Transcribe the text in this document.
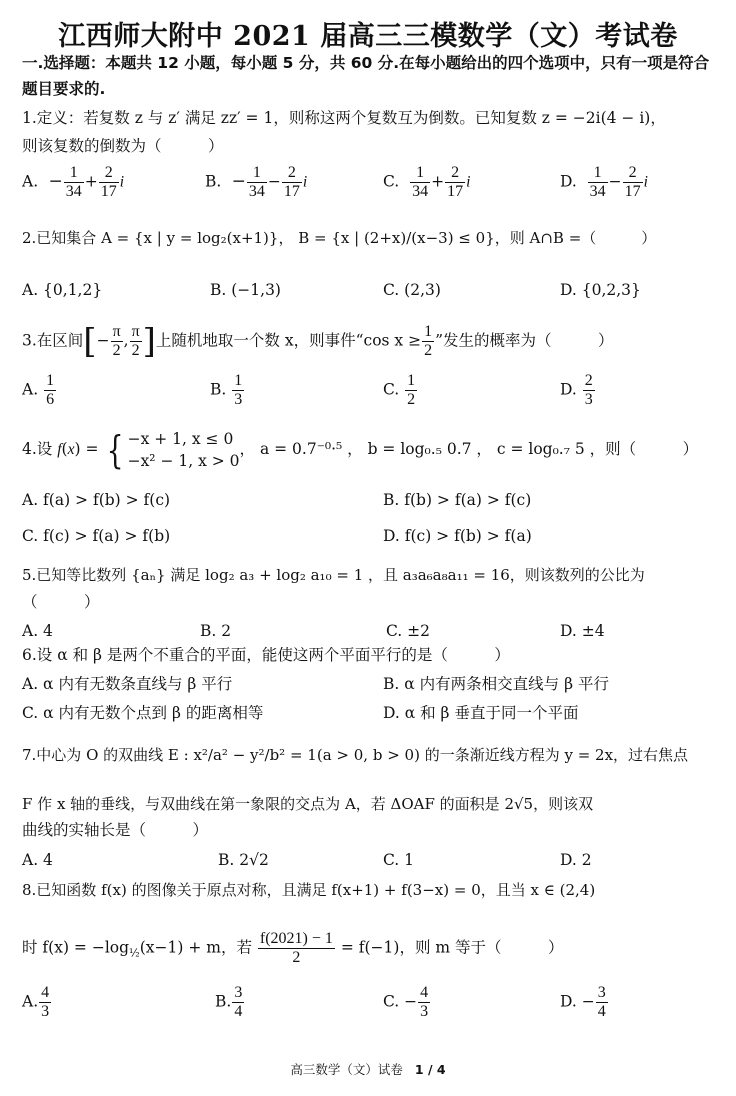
江西师大附中 2021 届高三三模数学（文）考试卷
一.选择题：本题共 12 小题，每小题 5 分，共 60 分.在每小题给出的四个选项中，只有一项是符合题目要求的.
1.定义：若复数 z 与 z′ 满足 zz′ = 1，则称这两个复数互为倒数。已知复数 z = −2i(4 − i)，
则该复数的倒数为（　　　）
A.  − $\frac{1}{34} + \frac{2}{17}$ i	B.  − $\frac{1}{34} - \frac{2}{17}$ i	C. $\frac{1}{34} + \frac{2}{17}$ i	D. $\frac{1}{34} - \frac{2}{17}$ i
2.已知集合 A = {x | y = log₂(x+1)}， B = {x | (2+x)/(x−3) ≤ 0}，则 A∩B =（　　　）
A. {0,1,2}	B. (−1,3)	C. (2,3)	D. {0,2,3}
3.在区间[− $\frac{\pi}{2}$ , $\frac{\pi}{2}$ ]上随机地取一个数 x，则事件“cos $x \ge \frac{1}{2}$ ”发生的概率为（　　　）
A. $\frac{1}{6}$	B. $\frac{1}{3}$	C. $\frac{1}{2}$	D. $\frac{2}{3}$
4.设 f(x) = { −x + 1, x ≤ 0
−x² − 1, x > 0
， a = 0.7⁻⁰·⁵ ， b = log₀.₅ 0.7 ， c = log₀.₇ 5 ，则（　　　）
A. f(a) > f(b) > f(c)	B. f(b) > f(a) > f(c)
C. f(c) > f(a) > f(b)	D. f(c) > f(b) > f(a)
5.已知等比数列 {aₙ} 满足 log₂ a₃ + log₂ a₁₀ = 1 ，且 a₃a₆a₈a₁₁ = 16，则该数列的公比为
（　　　）
A. 4	B. 2	C. ±2	D. ±4
6.设 α 和 β 是两个不重合的平面，能使这两个平面平行的是（　　　）
A. α 内有无数条直线与 β 平行	B. α 内有两条相交直线与 β 平行
C. α 内有无数个点到 β 的距离相等	D. α 和 β 垂直于同一个平面
7.中心为 O 的双曲线 E : x²/a² − y²/b² = 1(a > 0, b > 0) 的一条渐近线方程为 y = 2x，过右焦点
F 作 x 轴的垂线，与双曲线在第一象限的交点为 A，若 ΔOAF 的面积是 2√5，则该双
曲线的实轴长是（　　　）
A. 4	B. 2√2	C. 1	D. 2
8.已知函数 f(x) 的图像关于原点对称，且满足 f(x+1) + f(3−x) = 0，且当 x ∈ (2,4)
时 $f(x) = -\log_{\frac{1}{2}}(x-1) + m$，若 $\frac{f(2021) - 1}{2} = f(-1)$，则 m 等于（　　　）
A. $\frac{4}{3}$	B. $\frac{3}{4}$	C. − $\frac{4}{3}$	D. − $\frac{3}{4}$
高三数学（文）试卷 1 / 4
